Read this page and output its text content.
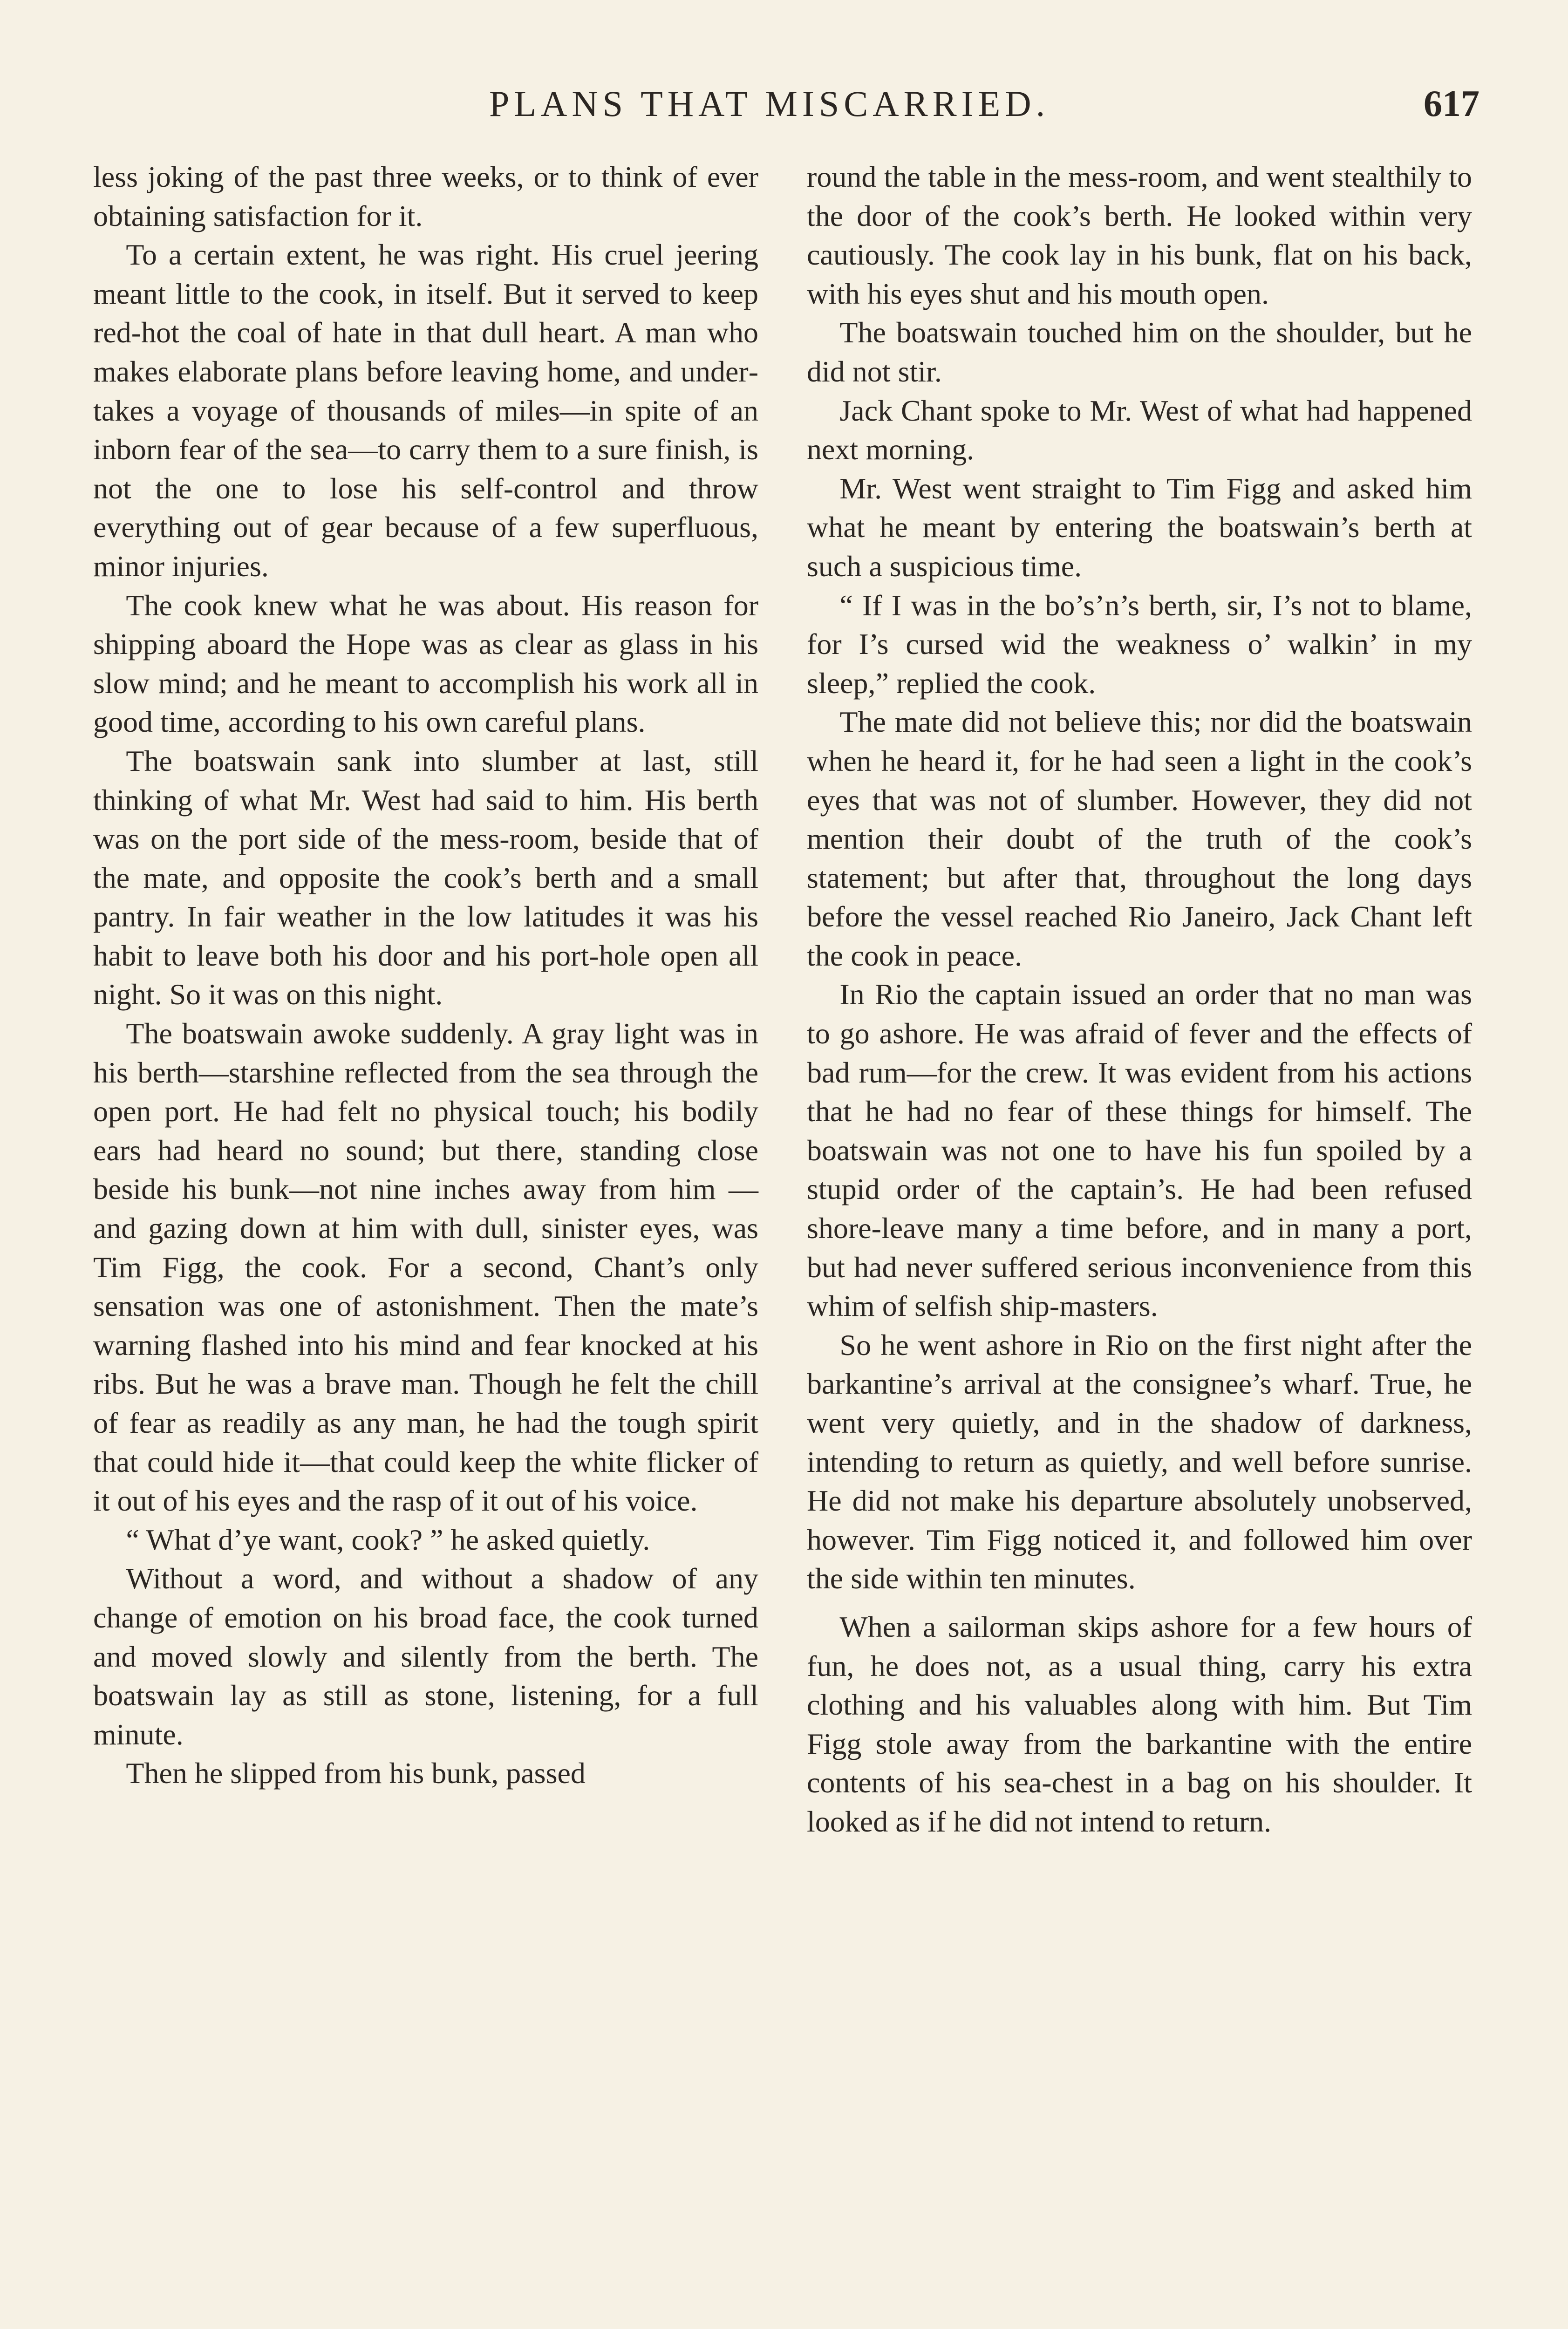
PLANS THAT MISCARRIED.	617

less joking of the past three weeks, or to think of ever obtaining satisfaction for it.

To a certain extent, he was right. His cruel jeering meant little to the cook, in itself. But it served to keep red-hot the coal of hate in that dull heart. A man who makes elaborate plans before leaving home, and undertakes a voyage of thousands of miles—in spite of an inborn fear of the sea—to carry them to a sure finish, is not the one to lose his self-control and throw everything out of gear because of a few superfluous, minor injuries.

The cook knew what he was about. His reason for shipping aboard the Hope was as clear as glass in his slow mind; and he meant to accomplish his work all in good time, according to his own careful plans.

The boatswain sank into slumber at last, still thinking of what Mr. West had said to him. His berth was on the port side of the mess-room, beside that of the mate, and opposite the cook’s berth and a small pantry. In fair weather in the low latitudes it was his habit to leave both his door and his port-hole open all night. So it was on this night.

The boatswain awoke suddenly. A gray light was in his berth—starshine reflected from the sea through the open port. He had felt no physical touch; his bodily ears had heard no sound; but there, standing close beside his bunk—not nine inches away from him — and gazing down at him with dull, sinister eyes, was Tim Figg, the cook. For a second, Chant’s only sensation was one of astonishment. Then the mate’s warning flashed into his mind and fear knocked at his ribs. But he was a brave man. Though he felt the chill of fear as readily as any man, he had the tough spirit that could hide it—that could keep the white flicker of it out of his eyes and the rasp of it out of his voice.

“ What d’ye want, cook? ” he asked quietly.

Without a word, and without a shadow of any change of emotion on his broad face, the cook turned and moved slowly and silently from the berth. The boatswain lay as still as stone, listening, for a full minute.

Then he slipped from his bunk, passed

round the table in the mess-room, and went stealthily to the door of the cook’s berth. He looked within very cautiously. The cook lay in his bunk, flat on his back, with his eyes shut and his mouth open.

The boatswain touched him on the shoulder, but he did not stir.

Jack Chant spoke to Mr. West of what had happened next morning.

Mr. West went straight to Tim Figg and asked him what he meant by entering the boatswain’s berth at such a suspicious time.

“ If I was in the bo’s’n’s berth, sir, I’s not to blame, for I’s cursed wid the weakness o’ walkin’ in my sleep,” replied the cook.

The mate did not believe this; nor did the boatswain when he heard it, for he had seen a light in the cook’s eyes that was not of slumber. However, they did not mention their doubt of the truth of the cook’s statement; but after that, throughout the long days before the vessel reached Rio Janeiro, Jack Chant left the cook in peace.

In Rio the captain issued an order that no man was to go ashore. He was afraid of fever and the effects of bad rum—for the crew. It was evident from his actions that he had no fear of these things for himself. The boatswain was not one to have his fun spoiled by a stupid order of the captain’s. He had been refused shore-leave many a time before, and in many a port, but had never suffered serious inconvenience from this whim of selfish ship-masters.

So he went ashore in Rio on the first night after the barkantine’s arrival at the consignee’s wharf. True, he went very quietly, and in the shadow of darkness, intending to return as quietly, and well before sunrise. He did not make his departure absolutely unobserved, however. Tim Figg noticed it, and followed him over the side within ten minutes.

When a sailorman skips ashore for a few hours of fun, he does not, as a usual thing, carry his extra clothing and his valuables along with him. But Tim Figg stole away from the barkantine with the entire contents of his sea-chest in a bag on his shoulder. It looked as if he did not intend to return.
